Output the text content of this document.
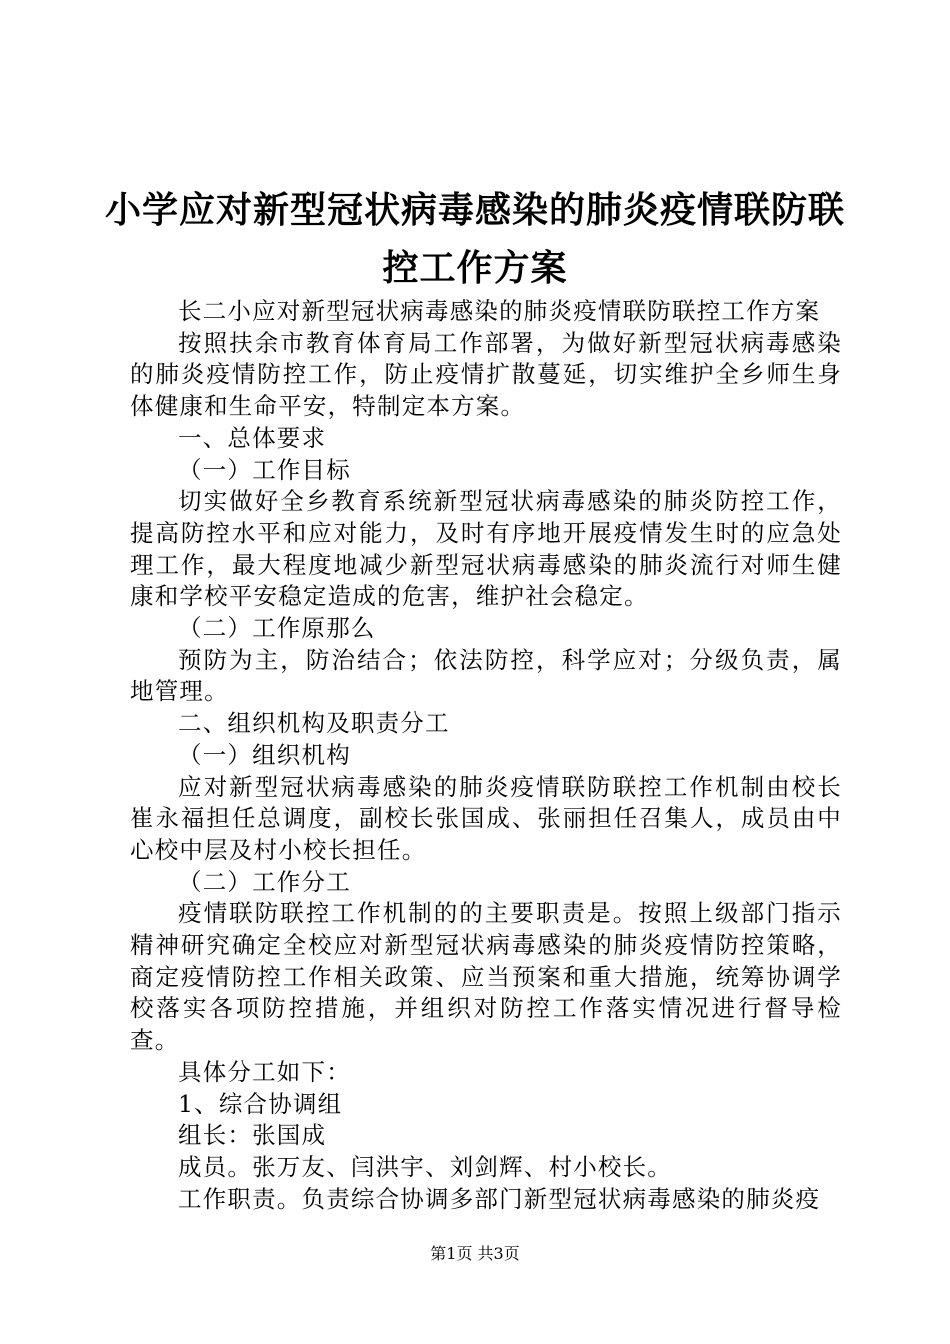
小学应对新型冠状病毒感染的肺炎疫情联防联
控工作方案

长二小应对新型冠状病毒感染的肺炎疫情联防联控工作方案

按照扶余市教育体育局工作部署，为做好新型冠状病毒感染的肺炎疫情防控工作，防止疫情扩散蔓延，切实维护全乡师生身体健康和生命平安，特制定本方案。

一、总体要求

（一）工作目标

切实做好全乡教育系统新型冠状病毒感染的肺炎防控工作，提高防控水平和应对能力，及时有序地开展疫情发生时的应急处理工作，最大程度地减少新型冠状病毒感染的肺炎流行对师生健康和学校平安稳定造成的危害，维护社会稳定。

（二）工作原那么

预防为主，防治结合；依法防控，科学应对；分级负责，属地管理。

二、组织机构及职责分工

（一）组织机构

应对新型冠状病毒感染的肺炎疫情联防联控工作机制由校长崔永福担任总调度，副校长张国成、张丽担任召集人，成员由中心校中层及村小校长担任。

（二）工作分工

疫情联防联控工作机制的的主要职责是。按照上级部门指示精神研究确定全校应对新型冠状病毒感染的肺炎疫情防控策略，商定疫情防控工作相关政策、应当预案和重大措施，统筹协调学校落实各项防控措施，并组织对防控工作落实情况进行督导检查。

具体分工如下：

1、综合协调组

组长：张国成

成员。张万友、闫洪宇、刘剑辉、村小校长。

工作职责。负责综合协调多部门新型冠状病毒感染的肺炎疫

第1页 共3页
